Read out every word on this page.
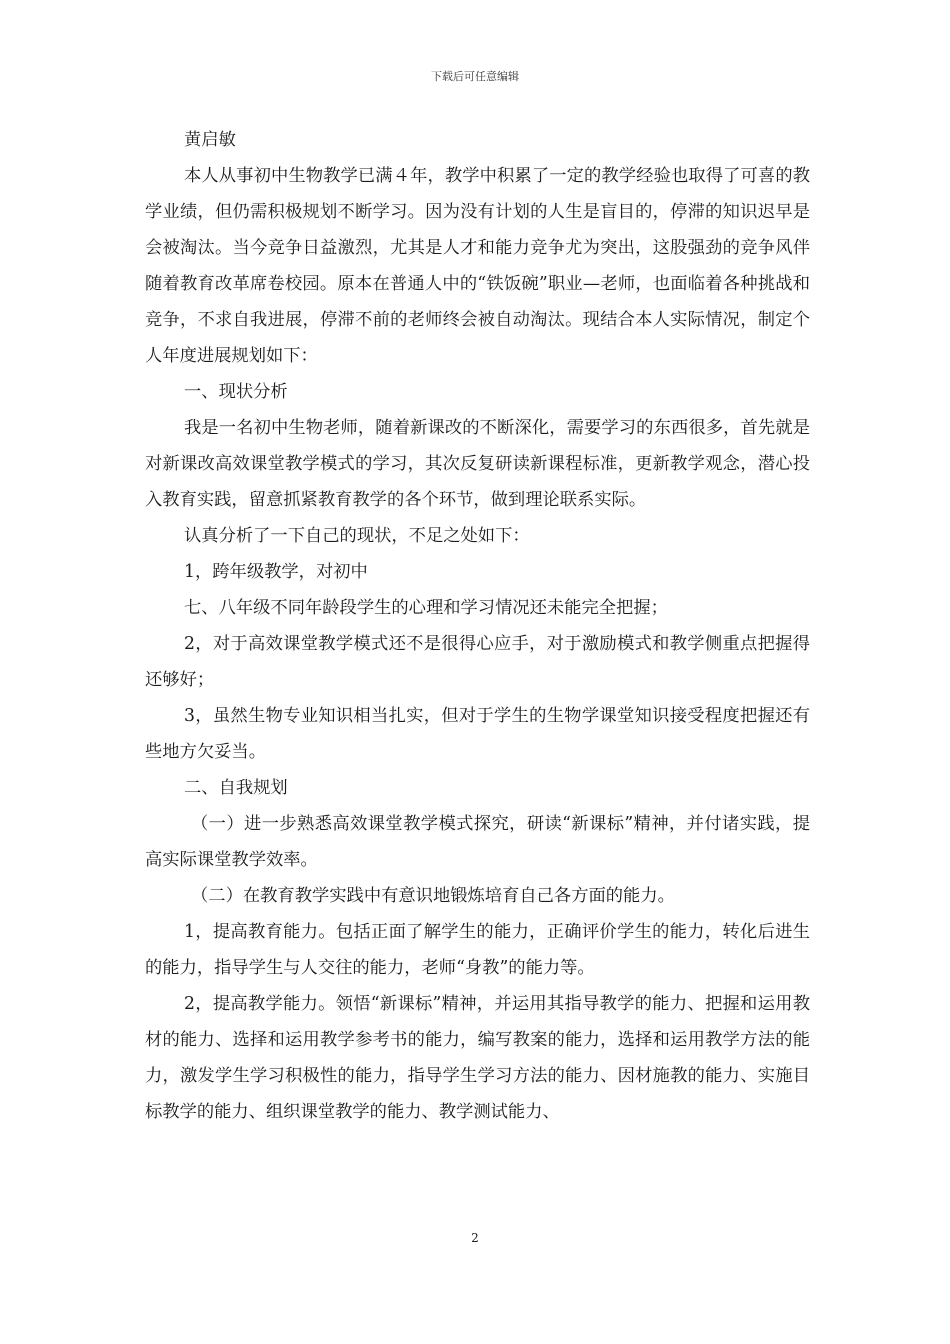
下载后可任意编辑

黄启敏

本人从事初中生物教学已满４年，教学中积累了一定的教学经验也取得了可喜的教学业绩，但仍需积极规划不断学习。因为没有计划的人生是盲目的，停滞的知识迟早是会被淘汰。当今竞争日益激烈，尤其是人才和能力竞争尤为突出，这股强劲的竞争风伴随着教育改革席卷校园。原本在普通人中的“铁饭碗”职业—老师，也面临着各种挑战和竞争，不求自我进展，停滞不前的老师终会被自动淘汰。现结合本人实际情况，制定个人年度进展规划如下：

一、现状分析

我是一名初中生物老师，随着新课改的不断深化，需要学习的东西很多，首先就是对新课改高效课堂教学模式的学习，其次反复研读新课程标准，更新教学观念，潜心投入教育实践，留意抓紧教育教学的各个环节，做到理论联系实际。

认真分析了一下自己的现状，不足之处如下：

1，跨年级教学，对初中

七、八年级不同年龄段学生的心理和学习情况还未能完全把握；

2，对于高效课堂教学模式还不是很得心应手，对于激励模式和教学侧重点把握得还够好；

3，虽然生物专业知识相当扎实，但对于学生的生物学课堂知识接受程度把握还有些地方欠妥当。

二、自我规划

（一）进一步熟悉高效课堂教学模式探究，研读“新课标”精神，并付诸实践，提高实际课堂教学效率。

（二）在教育教学实践中有意识地锻炼培育自己各方面的能力。

1，提高教育能力。包括正面了解学生的能力，正确评价学生的能力，转化后进生的能力，指导学生与人交往的能力，老师“身教”的能力等。

2，提高教学能力。领悟“新课标”精神，并运用其指导教学的能力、把握和运用教材的能力、选择和运用教学参考书的能力，编写教案的能力，选择和运用教学方法的能力，激发学生学习积极性的能力，指导学生学习方法的能力、因材施教的能力、实施目标教学的能力、组织课堂教学的能力、教学测试能力、

2
